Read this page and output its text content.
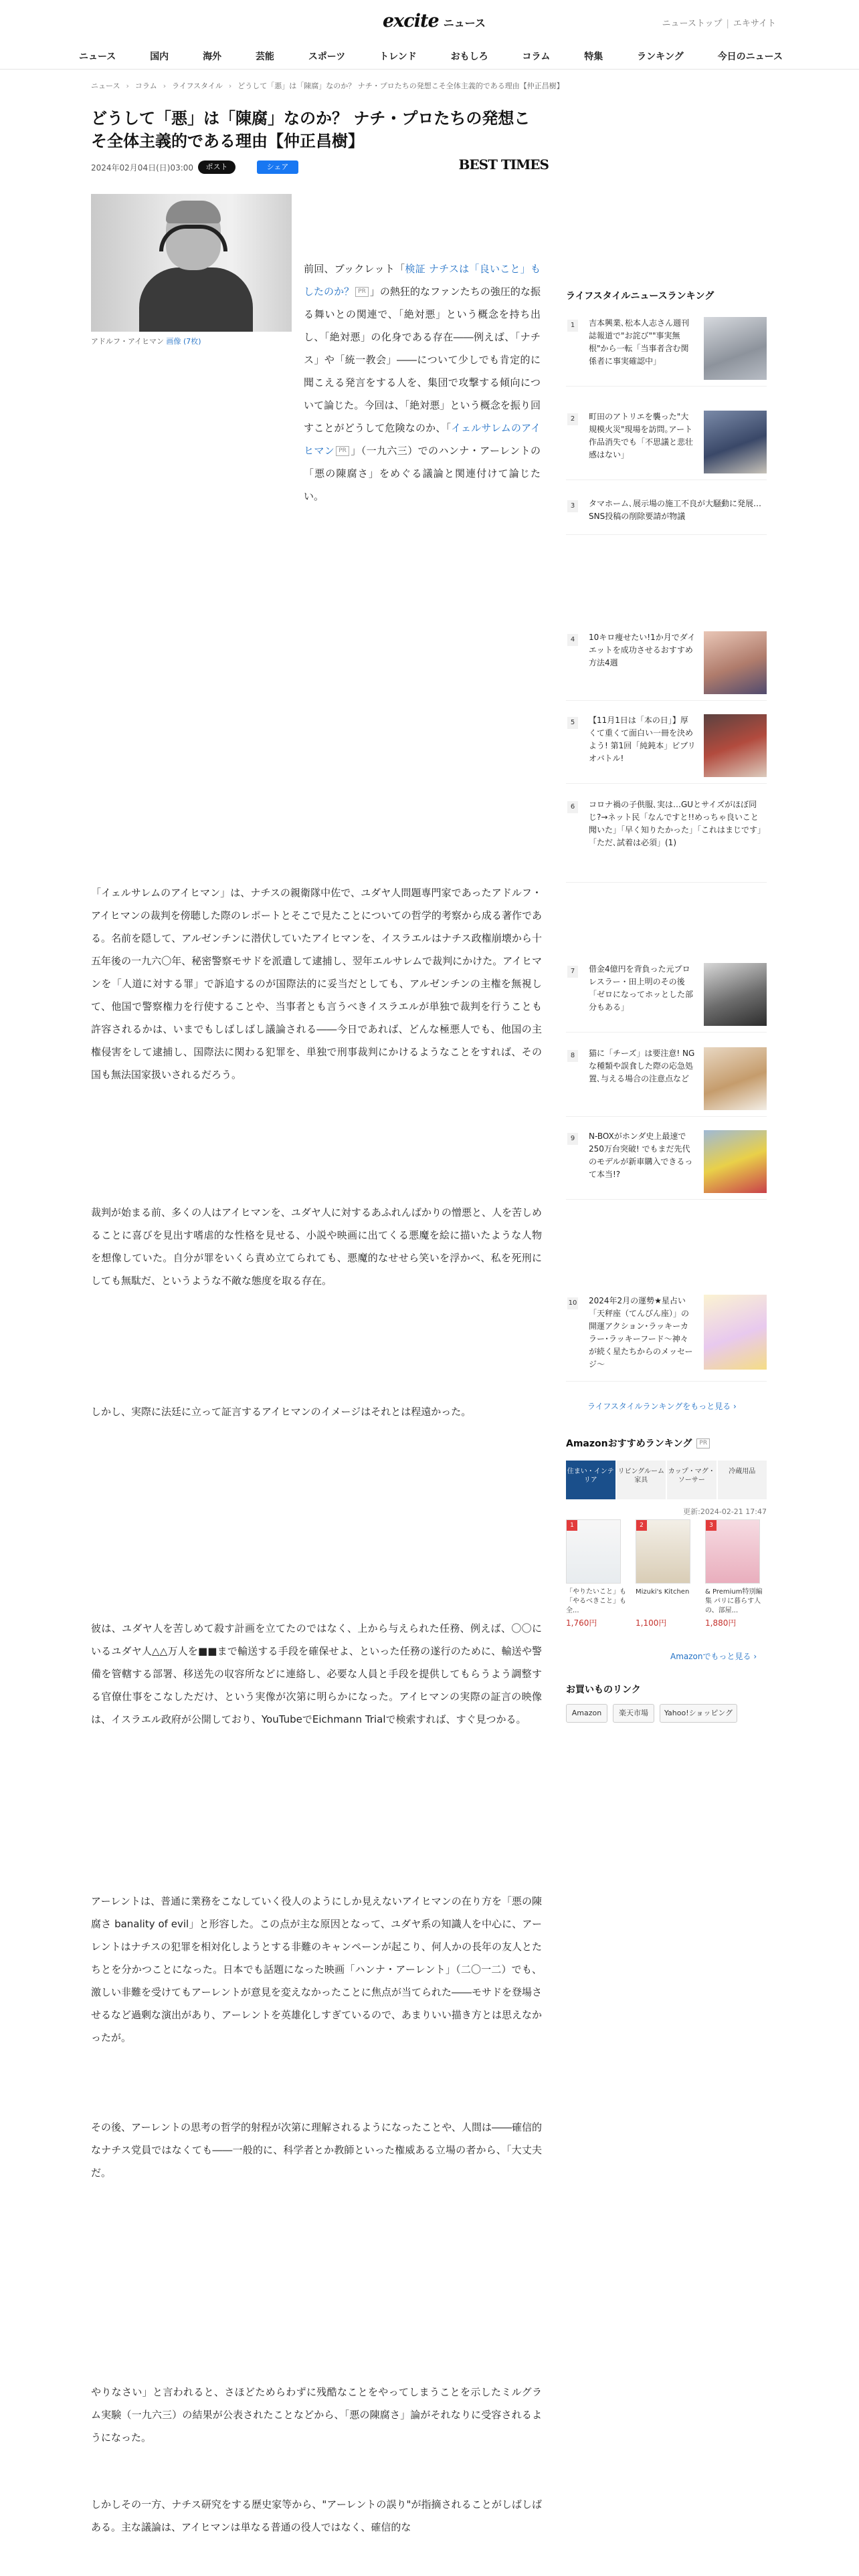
excite ニュース	ニューストップ | エキサイト
ニュース	国内	海外	芸能	スポーツ	トレンド	おもしろ	コラム	特集	ランキング	今日のニュース
ニュース › コラム › ライフスタイル › どうして「悪」は「陳腐」なのか？ ナチ・プロたちの発想こそ全体主義的である理由【仲正昌樹】
どうして「悪」は「陳腐」なのか？ ナチ・プロたちの発想こそ全体主義的である理由【仲正昌樹】
2024年02月04日(日)03:00	ポスト	シェア	BEST TIMES
アドルフ・アイヒマン 画像 (7枚)
前回、ブックレット「検証 ナチスは「良いこと」もしたのか？ PR 」の熱狂的なファンたちの強圧的な振る舞いとの関連で、「絶対悪」という概念を持ち出し、「絶対悪」の化身である存在――例えば、「ナチス」や「統一教会」――について少しでも肯定的に聞こえる発言をする人を、集団で攻撃する傾向について論じた。今回は、「絶対悪」という概念を振り回すことがどうして危険なのか、「イェルサレムのアイヒマン PR 」（一九六三）でのハンナ・アーレントの「悪の陳腐さ」をめぐる議論と関連付けて論じたい。

「イェルサレムのアイヒマン」は、ナチスの親衛隊中佐で、ユダヤ人問題専門家であったアドルフ・アイヒマンの裁判を傍聴した際のレポートとそこで見たことについての哲学的考察から成る著作である。名前を隠して、アルゼンチンに潜伏していたアイヒマンを、イスラエルはナチス政権崩壊から十五年後の一九六〇年、秘密警察モサドを派遣して逮捕し、翌年エルサレムで裁判にかけた。アイヒマンを「人道に対する罪」で訴追するのが国際法的に妥当だとしても、アルゼンチンの主権を無視して、他国で警察権力を行使することや、当事者とも言うべきイスラエルが単独で裁判を行うことも許容されるかは、いまでもしばしばし議論される――今日であれば、どんな極悪人でも、他国の主権侵害をして逮捕し、国際法に関わる犯罪を、単独で刑事裁判にかけるようなことをすれば、その国も無法国家扱いされるだろう。

裁判が始まる前、多くの人はアイヒマンを、ユダヤ人に対するあふれんばかりの憎悪と、人を苦しめることに喜びを見出す嗜虐的な性格を見せる、小説や映画に出てくる悪魔を絵に描いたような人物を想像していた。自分が罪をいくら責め立てられても、悪魔的なせせら笑いを浮かべ、私を死刑にしても無駄だ、というような不敵な態度を取る存在。

しかし、実際に法廷に立って証言するアイヒマンのイメージはそれとは程遠かった。

彼は、ユダヤ人を苦しめて殺す計画を立てたのではなく、上から与えられた任務、例えば、〇〇にいるユダヤ人△△万人を■■まで輸送する手段を確保せよ、といった任務の遂行のために、輸送や警備を管轄する部署、移送先の収容所などに連絡し、必要な人員と手段を提供してもらうよう調整する官僚仕事をこなしただけ、という実像が次第に明らかになった。アイヒマンの実際の証言の映像は、イスラエル政府が公開しており、YouTubeでEichmann Trialで検索すれば、すぐ見つかる。

アーレントは、普通に業務をこなしていく役人のようにしか見えないアイヒマンの在り方を「悪の陳腐さ banality of evil」と形容した。この点が主な原因となって、ユダヤ系の知識人を中心に、アーレントはナチスの犯罪を相対化しようとする非難のキャンペーンが起こり、何人かの長年の友人とたちとを分かつことになった。日本でも話題になった映画「ハンナ・アーレント」（二〇一二）でも、激しい非難を受けてもアーレントが意見を変えなかったことに焦点が当てられた――モサドを登場させるなど過剰な演出があり、アーレントを英雄化しすぎているので、あまりいい描き方とは思えなかったが。

その後、アーレントの思考の哲学的射程が次第に理解されるようになったことや、人間は――確信的なナチス党員ではなくても――一般的に、科学者とか教師といった権威ある立場の者から、「大丈夫だ。

やりなさい」と言われると、さほどためらわずに残酷なことをやってしまうことを示したミルグラム実験（一九六三）の結果が公表されたことなどから、「悪の陳腐さ」論がそれなりに受容されるようになった。

しかしその一方、ナチス研究をする歴史家等から、"アーレントの誤り"が指摘されることがしばしばある。主な議論は、アイヒマンは単なる普通の役人ではなく、確信的な

ライフスタイルニュースランキング
1	吉本興業､松本人志さん週刊誌報道で"お詫び""事実無根"から一転「当事者含む関係者に事実確認中」
2	町田のアトリエを襲った"大規模火災"現場を訪問｡アート作品消失でも「不思議と悲壮感はない」
3	タマホーム､展示場の施工不良が大騒動に発展…SNS投稿の削除要請が物議
4	10キロ痩せたい!1か月でダイエットを成功させるおすすめ方法4週
5	【11月1日は「本の日」】厚くて重くて面白い一冊を決めよう! 第1回「純鈍本」ビブリオバトル!
6	コロナ禍の子供服､実は…GUとサイズがほぼ同じ?→ネット民「なんですと!!めっちゃ良いこと聞いた」「早く知りたかった」「これはまじです」「ただ､試着は必須」(1)
7	借金4億円を背負った元プロレスラー・田上明のその後「ゼロになってホッとした部分もある」
8	猫に「チーズ」は要注意! NGな種類や誤食した際の応急処置､与える場合の注意点など
9	N-BOXがホンダ史上最速で250万台突破! でもまだ先代のモデルが新車購入できるって本当!?
10 2024年2月の運勢★星占い「天秤座（てんびん座）」の開運アクション･ラッキーカラー･ラッキーフード～神々が続く星たちからのメッセージ～
ライフスタイルランキングをもっと見る ›
Amazonおすすめランキング PR
住まい・インテリア
リビングルーム家具
カップ・マグ・ソーサー
冷蔵用品
更新:2024-02-21 17:47
1
「やりたいこと」も「やるべきこと」も全...
1,760円
2
Mizuki's Kitchen
1,100円
3
& Premium特別編集 パリに暮らす人の、部屋...
1,880円
Amazonでもっと見る ›
お買いものリンク
Amazon	楽天市場	Yahoo!ショッピング
